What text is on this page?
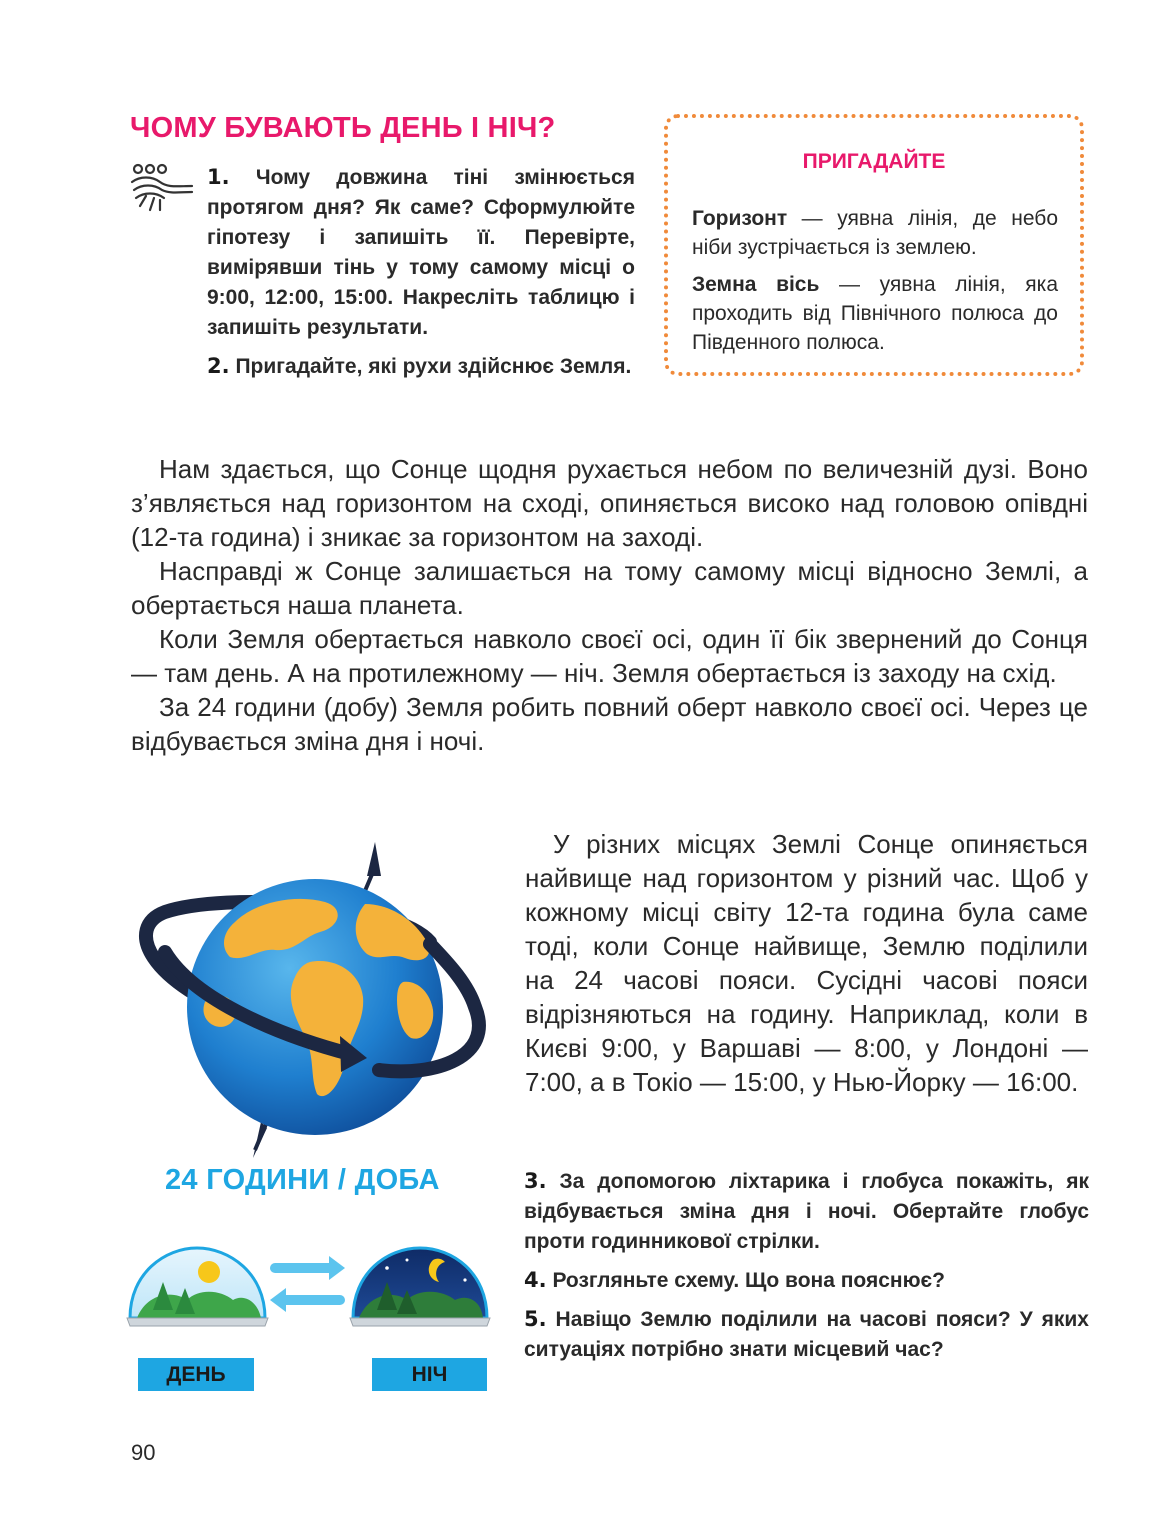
ЧОМУ БУВАЮТЬ ДЕНЬ І НІЧ?

1. Чому довжина тіні змінюється протягом дня? Як саме? Сформулюйте гіпотезу і запишіть її. Перевірте, вимірявши тінь у тому самому місці о 9:00, 12:00, 15:00. Накресліть таблицю і запишіть результати.

2. Пригадайте, які рухи здійснює Земля.

ПРИГАДАЙТЕ

Горизонт — уявна лінія, де небо ніби зустрічається із землею.

Земна вісь — уявна лінія, яка проходить від Північного полюса до Південного полюса.

Нам здається, що Сонце щодня рухається небом по величезній дузі. Воно з’являється над горизонтом на сході, опиняється високо над головою опівдні (12-та година) і зникає за горизонтом на заході.

Насправді ж Сонце залишається на тому самому місці відносно Землі, а обертається наша планета.

Коли Земля обертається навколо своєї осі, один її бік звернений до Сонця — там день. А на протилежному — ніч. Земля обертається із заходу на схід.

За 24 години (добу) Земля робить повний оберт навколо своєї осі. Через це відбувається зміна дня і ночі.

24 ГОДИНИ / ДОБА
ДЕНЬ	НІЧ

У різних місцях Землі Сонце опиняється найвище над горизонтом у різний час. Щоб у кожному місці світу 12-та година була саме тоді, коли Сонце найвище, Землю поділили на 24 часові пояси. Сусідні часові пояси відрізняються на годину. Наприклад, коли в Києві 9:00, у Варшаві — 8:00, у Лондоні — 7:00, а в Токіо — 15:00, у Нью-Йорку — 16:00.

3. За допомогою ліхтарика і глобуса покажіть, як відбувається зміна дня і ночі. Обертайте глобус проти годинникової стрілки.

4. Розгляньте схему. Що вона пояснює?

5. Навіщо Землю поділили на часові пояси? У яких ситуаціях потрібно знати місцевий час?

90
